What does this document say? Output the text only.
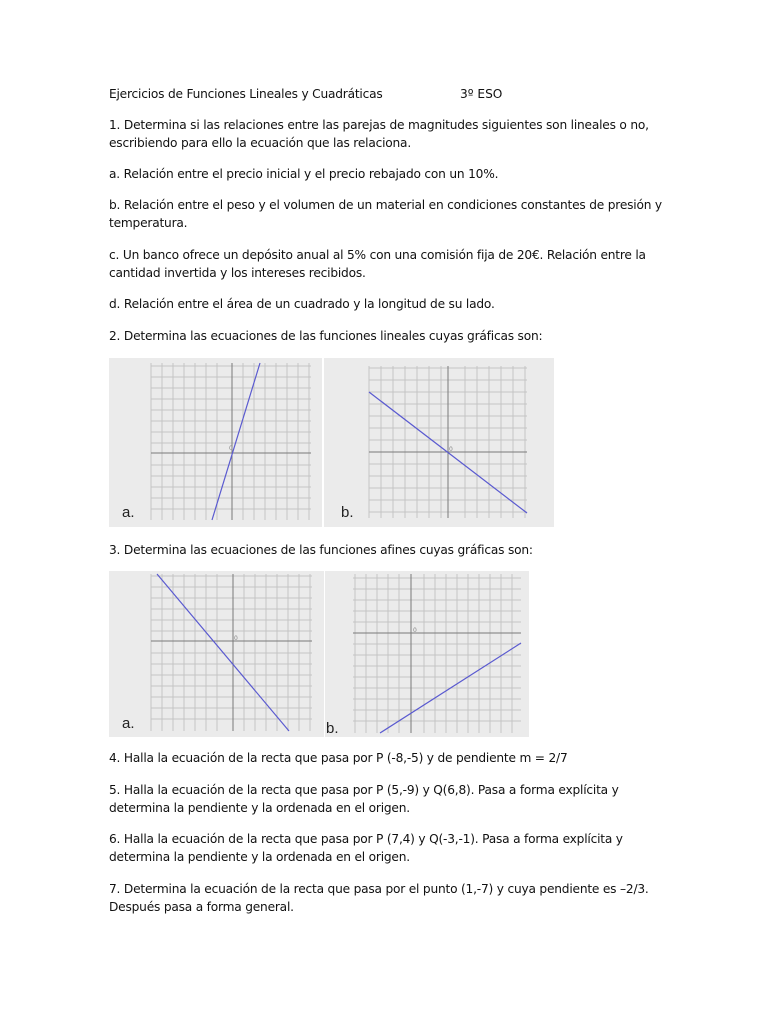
Ejercicios de Funciones Lineales y Cuadráticas	3º ESO
1. Determina si las relaciones entre las parejas de magnitudes siguientes son lineales o no,
escribiendo para ello la ecuación que las relaciona.
a. Relación entre el precio inicial y el precio rebajado con un 10%.
b. Relación entre el peso y el volumen de un material en condiciones constantes de presión y
temperatura.
c. Un banco ofrece un depósito anual al 5% con una comisión fija de 20€. Relación entre la
cantidad invertida y los intereses recibidos.
d. Relación entre el área de un cuadrado y la longitud de su lado.
2. Determina las ecuaciones de las funciones lineales cuyas gráficas son:
0
a.
0
b.
3. Determina las ecuaciones de las funciones afines cuyas gráficas son:
0
a.
0
b.
4. Halla la ecuación de la recta que pasa por P (-8,-5) y de pendiente m = 2/7
5. Halla la ecuación de la recta que pasa por P (5,-9) y Q(6,8). Pasa a forma explícita y
determina la pendiente y la ordenada en el origen.
6. Halla la ecuación de la recta que pasa por P (7,4) y Q(-3,-1). Pasa a forma explícita y
determina la pendiente y la ordenada en el origen.
7. Determina la ecuación de la recta que pasa por el punto (1,-7) y cuya pendiente es –2/3.
Después pasa a forma general.
